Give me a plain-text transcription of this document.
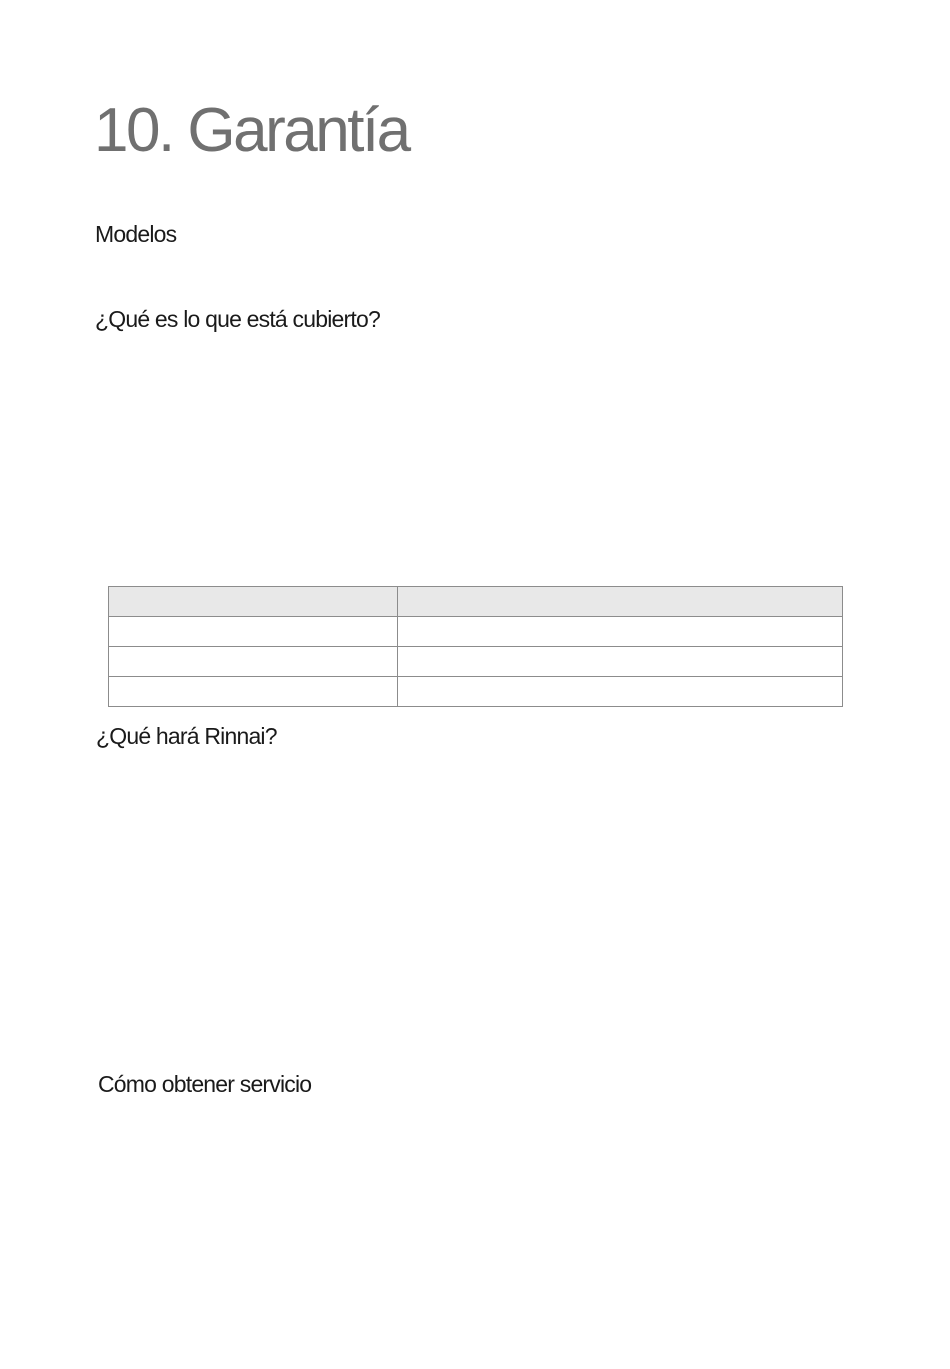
10. Garantía
Modelos
¿Qué es lo que está cubierto?

¿Qué hará Rinnai?
Cómo obtener servicio
